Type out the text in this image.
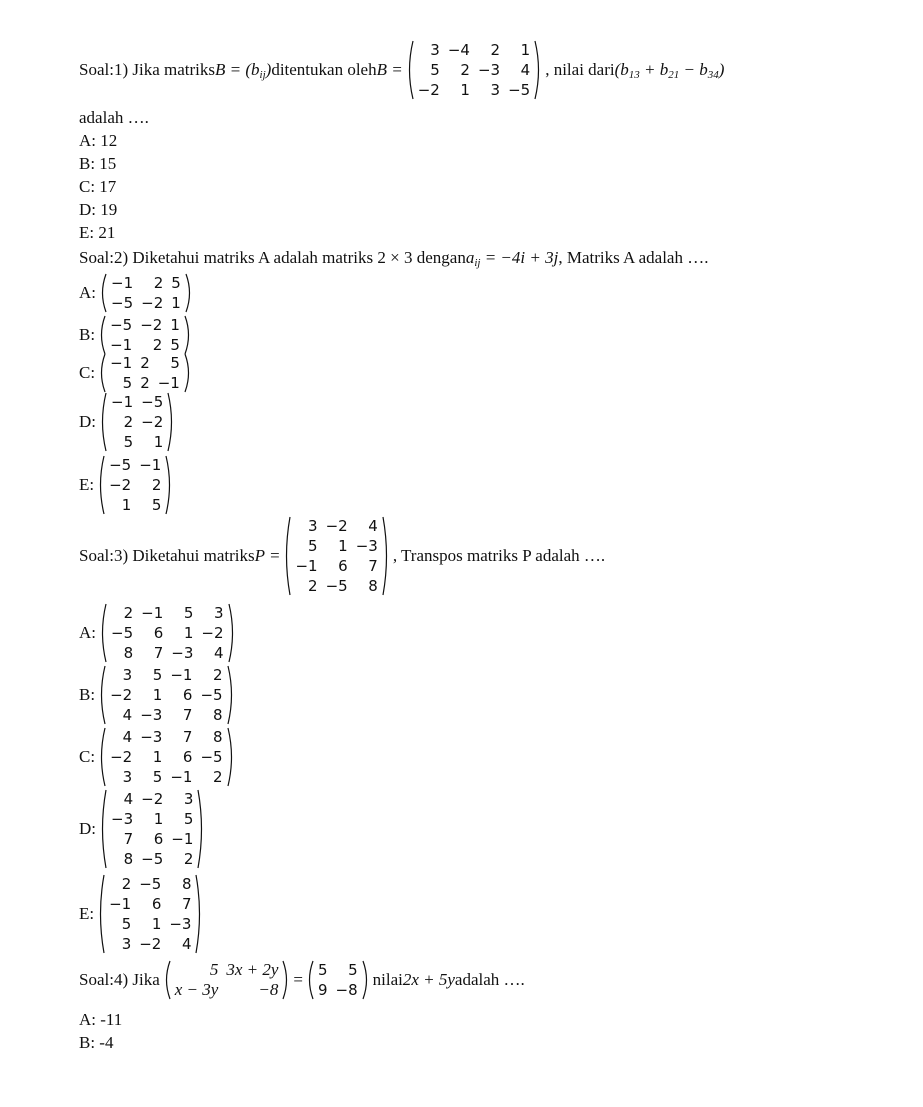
Soal:1) Jika matriks $B = (b_{ij})$ ditentukan oleh B =
3
5
−2
−4
2
1
2
−3
3
1
4
−5
, nilai dari $(b_{13} + b_{21} - b_{34})$
adalah ….
A: 12
B: 15
C: 17
D: 19
E: 21
Soal:2) Diketahui matriks A adalah matriks 2 × 3 dengan $a_{ij} = -4i + 3j$ , Matriks A adalah ….
A: −1
−5
2
−2
5
1
B: −5
−1
−2
2
1
5
C: −1
5
2
2
5
−1
D:
−1
2
5
−5
−2
1
E:
−5
−2
1
−1
2
5
Soal:3) Diketahui matriks P =
3
5
−1
2
−2
1
6
−5
4
−3
7
8
, Transpos matriks P adalah ….
A:
2
−5
8
−1
6
7
5
1
−3
3
−2
4
B:
3
−2
4
5
1
−3
−1
6
7
2
−5
8
C:
4
−2
3
−3
1
5
7
6
−1
8
−5
2
D:
4
−3
7
8
−2
1
6
−5
3
5
−1
2
E:
2
−1
5
3
−5
6
1
−2
8
7
−3
4
Soal:4) Jika
5
x − 3y
3x + 2y
−8
= 5
9
5
−8
nilai 2x + 5y adalah ….
A: -11
B: -4
